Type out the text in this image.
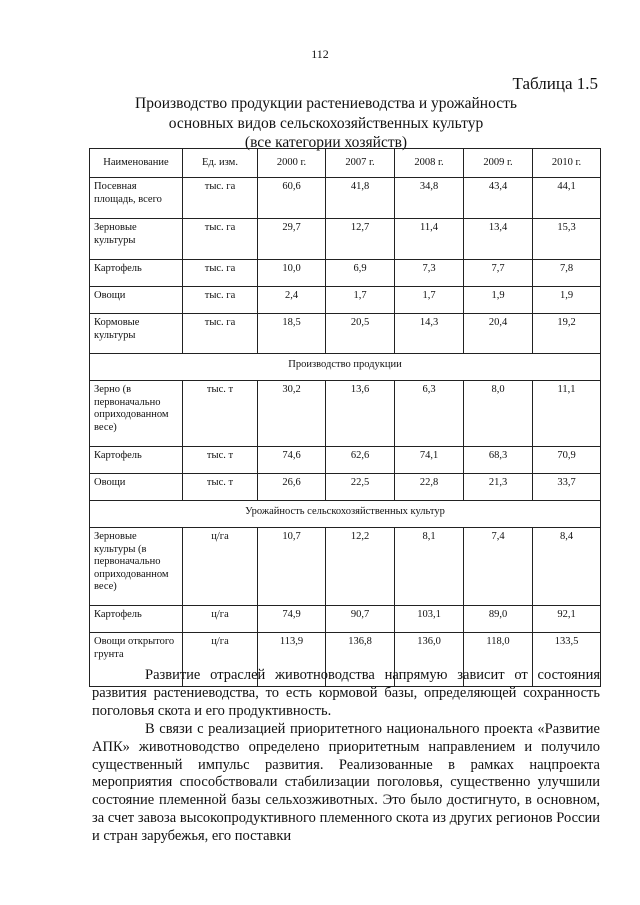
112
Таблица 1.5
Производство продукции растениеводства и урожайность
основных видов сельскохозяйственных культур
(все категории хозяйств)
Наименование	Ед. изм.	2000 г.	2007 г.	2008 г.	2009 г.	2010 г.
Посевная площадь, всего	тыс. га	60,6	41,8	34,8	43,4	44,1
Зерновые культуры	тыс. га	29,7	12,7	11,4	13,4	15,3
Картофель	тыс. га	10,0	6,9	7,3	7,7	7,8
Овощи	тыс. га	2,4	1,7	1,7	1,9	1,9
Кормовые культуры	тыс. га	18,5	20,5	14,3	20,4	19,2
Производство продукции						
Зерно (в первоначально оприходованном весе)	тыс. т	30,2	13,6	6,3	8,0	11,1
Картофель	тыс. т	74,6	62,6	74,1	68,3	70,9
Овощи	тыс. т	26,6	22,5	22,8	21,3	33,7
Урожайность сельскохозяйственных культур						
Зерновые культуры (в первоначально оприходованном весе)	ц/га	10,7	12,2	8,1	7,4	8,4
Картофель	ц/га	74,9	90,7	103,1	89,0	92,1
Овощи открытого грунта	ц/га	113,9	136,8	136,0	118,0	133,5

Развитие отраслей животноводства напрямую зависит от состояния развития растениеводства, то есть кормовой базы, определяющей сохранность поголовья скота и его продуктивность.

В связи с реализацией приоритетного национального проекта «Развитие АПК» животноводство определено приоритетным направлением и получило существенный импульс развития. Реализованные в рамках нацпроекта мероприятия способствовали стабилизации поголовья, существенно улучшили состояние племенной базы сельхозживотных. Это было достигнуто, в основном, за счет завоза высокопродуктивного племенного скота из других регионов России и стран зарубежья, его поставки
